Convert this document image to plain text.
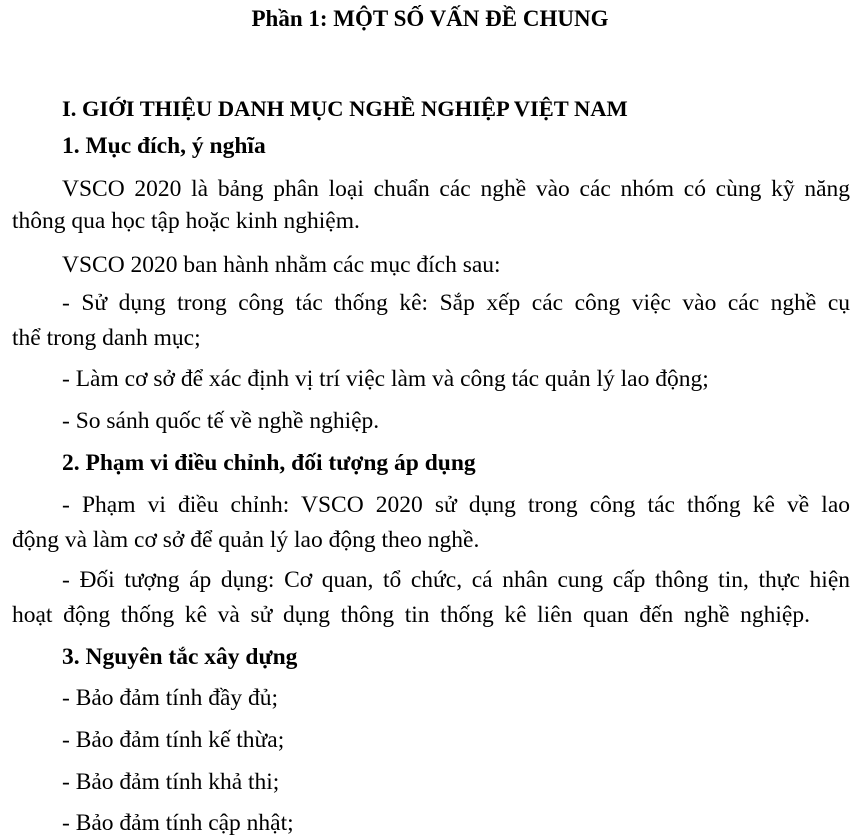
Phần 1: MỘT SỐ VẤN ĐỀ CHUNG
I. GIỚI THIỆU DANH MỤC NGHỀ NGHIỆP VIỆT NAM
1. Mục đích, ý nghĩa
VSCO 2020 là bảng phân loại chuẩn các nghề vào các nhóm có cùng kỹ năng
thông qua học tập hoặc kinh nghiệm.
VSCO 2020 ban hành nhằm các mục đích sau:
- Sử dụng trong công tác thống kê: Sắp xếp các công việc vào các nghề cụ
thể trong danh mục;
- Làm cơ sở để xác định vị trí việc làm và công tác quản lý lao động;
- So sánh quốc tế về nghề nghiệp.
2. Phạm vi điều chỉnh, đối tượng áp dụng
- Phạm vi điều chỉnh: VSCO 2020 sử dụng trong công tác thống kê về lao
động và làm cơ sở để quản lý lao động theo nghề.
- Đối tượng áp dụng: Cơ quan, tổ chức, cá nhân cung cấp thông tin, thực hiện
hoạt động thống kê và sử dụng thông tin thống kê liên quan đến nghề nghiệp.
3. Nguyên tắc xây dựng
- Bảo đảm tính đầy đủ;
- Bảo đảm tính kế thừa;
- Bảo đảm tính khả thi;
- Bảo đảm tính cập nhật;
